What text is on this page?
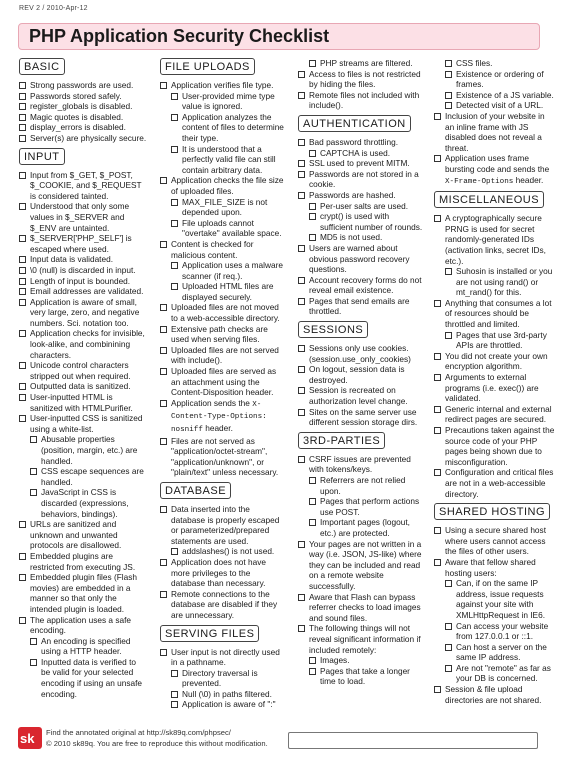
REV 2 / 2010-Apr-12
PHP Application Security Checklist
BASIC
Strong passwords are used.
Passwords stored safely.
register_globals is disabled.
Magic quotes is disabled.
display_errors is disabled.
Server(s) are physically secure.
INPUT
Input from $_GET, $_POST, $_COOKIE, and $_REQUEST is considered tainted.
Understood that only some values in $_SERVER and $_ENV are untainted.
$_SERVER['PHP_SELF'] is escaped where used.
Input data is validated.
\0 (null) is discarded in input.
Length of input is bounded.
Email addresses are validated.
Application is aware of small, very large, zero, and negative numbers. Sci. notation too.
Application checks for invisible, look-alike, and combinining characters.
Unicode control characters stripped out when required.
Outputted data is sanitized.
User-inputted HTML is sanitized with HTMLPurifier.
User-inputted CSS is sanitized using a white-list.
Abusable properties (position, margin, etc.) are handled.
CSS escape sequences are handled.
JavaScript in CSS is discarded (expressions, behaviors, bindings).
URLs are sanitized and unknown and unwanted protocols are disallowed.
Embedded plugins are restricted from executing JS.
Embedded plugin files (Flash movies) are embedded in a manner so that only the intended plugin is loaded.
The application uses a safe encoding.
An encoding is specified using a HTTP header.
Inputted data is verified to be valid for your selected encoding if using an unsafe encoding.
FILE UPLOADS
Application verifies file type.
User-provided mime type value is ignored.
Application analyzes the content of files to determine their type.
It is understood that a perfectly valid file can still contain arbitrary data.
Application checks the file size of uploaded files.
MAX_FILE_SIZE is not depended upon.
File uploads cannot "overtake" available space.
Content is checked for malicious content.
Application uses a malware scanner (if req.).
Uploaded HTML files are displayed securely.
Uploaded files are not moved to a web-accessible directory.
Extensive path checks are used when serving files.
Uploaded files are not served with include().
Uploaded files are served as an attachment using the Content-Disposition header.
Application sends the X-Content-Type-Options: nosniff header.
Files are not served as "application/octet-stream", "application/unknown", or "plain/text" unless necessary.
DATABASE
Data inserted into the database is properly escaped or parameterized/prepared statements are used.
addslashes() is not used.
Application does not have more privileges to the database than necessary.
Remote connections to the database are disabled if they are unnecessary.
SERVING FILES
User input is not directly used in a pathname.
Directory traversal is prevented.
Null (\0) in paths filtered.
Application is aware of ":"
PHP streams are filtered.
Access to files is not restricted by hiding the files.
Remote files not included with include().
AUTHENTICATION
Bad password throttling.
CAPTCHA is used.
SSL used to prevent MITM.
Passwords are not stored in a cookie.
Passwords are hashed.
Per-user salts are used.
crypt() is used with sufficient number of rounds.
MD5 is not used.
Users are warned about obvious password recovery questions.
Account recovery forms do not reveal email existence.
Pages that send emails are throttled.
SESSIONS
Sessions only use cookies. (session.use_only_cookies)
On logout, session data is destroyed.
Session is recreated on authorization level change.
Sites on the same server use different session storage dirs.
3RD-PARTIES
CSRF issues are prevented with tokens/keys.
Referrers are not relied upon.
Pages that perform actions use POST.
Important pages (logout, etc.) are protected.
Your pages are not written in a way (i.e. JSON, JS-like) where they can be included and read on a remote website successfully.
Aware that Flash can bypass referrer checks to load images and sound files.
The following things will not reveal significant information if included remotely:
Images.
Pages that take a longer time to load.
CSS files.
Existence or ordering of frames.
Existence of a JS variable.
Detected visit of a URL.
Inclusion of your website in an inline frame with JS disabled does not reveal a threat.
Application uses frame bursting code and sends the X-Frame-Options header.
MISCELLANEOUS
A cryptographically secure PRNG is used for secret randomly-generated IDs (activation links, secret IDs, etc.).
Suhosin is installed or you are not using rand() or mt_rand() for this.
Anything that consumes a lot of resources should be throttled and limited.
Pages that use 3rd-party APIs are throttled.
You did not create your own encryption algorithm.
Arguments to external programs (i.e. exec()) are validated.
Generic internal and external redirect pages are secured.
Precautions taken against the source code of your PHP pages being shown due to misconfiguration.
Configuration and critical files are not in a web-accessible directory.
SHARED HOSTING
Using a secure shared host where users cannot access the files of other users.
Aware that fellow shared hosting users:
Can, if on the same IP address, issue requests against your site with XMLHttpRequest in IE6.
Can access your website from 127.0.0.1 or ::1.
Can host a server on the same IP address.
Are not "remote" as far as your DB is concerned.
Session & file upload directories are not shared.
sk Find the annotated original at http://sk89q.com/phpsec/
© 2010 sk89q. You are free to reproduce this without modification.
